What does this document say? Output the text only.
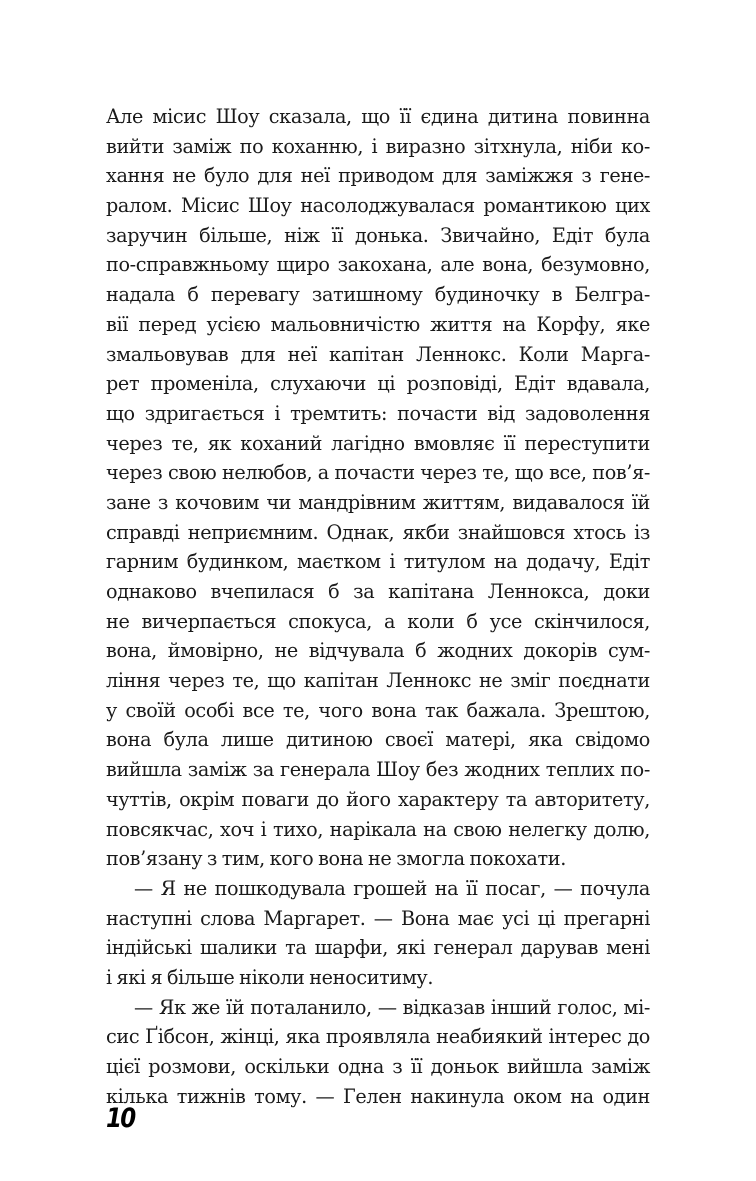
Але місис Шоу сказала, що її єдина дитина повинна
вийти заміж по коханню, і виразно зітхнула, ніби ко-
хання не було для неї приводом для заміжжя з гене-
ралом. Місис Шоу насолоджувалася романтикою цих
заручин більше, ніж її донька. Звичайно, Едіт була
по-справжньому щиро закохана, але вона, безумовно,
надала б перевагу затишному будиночку в Белгра-
вії перед усією мальовничістю життя на Корфу, яке
змальовував для неї капітан Леннокс. Коли Марга-
рет променіла, слухаючи ці розповіді, Едіт вдавала,
що здригається і тремтить: почасти від задоволення
через те, як коханий лагідно вмовляє її переступити
через свою нелюбов, а почасти через те, що все, пов’я-
зане з кочовим чи мандрівним життям, видавалося їй
справді неприємним. Однак, якби знайшовся хтось із
гарним будинком, маєтком і титулом на додачу, Едіт
однаково вчепилася б за капітана Леннокса, доки
не вичерпається спокуса, а коли б усе скінчилося,
вона, ймовірно, не відчувала б жодних докорів сум-
ління через те, що капітан Леннокс не зміг поєднати
у своїй особі все те, чого вона так бажала. Зрештою,
вона була лише дитиною своєї матері, яка свідомо
вийшла заміж за генерала Шоу без жодних теплих по-
чуттів, окрім поваги до його характеру та авторитету,
повсякчас, хоч і тихо, нарікала на свою нелегку долю,
пов’язану з тим, кого вона не змогла покохати.
— Я не пошкодувала грошей на її посаг, — почула
наступні слова Маргарет. — Вона має усі ці прегарні
індійські шалики та шарфи, які генерал дарував мені
і які я більше ніколи неноситиму.
— Як же їй поталанило, — відказав інший голос, мі-
сис Ґібсон, жінці, яка проявляла неабиякий інтерес до
цієї розмови, оскільки одна з її доньок вийшла заміж
кілька тижнів тому. — Гелен накинула оком на один
10
